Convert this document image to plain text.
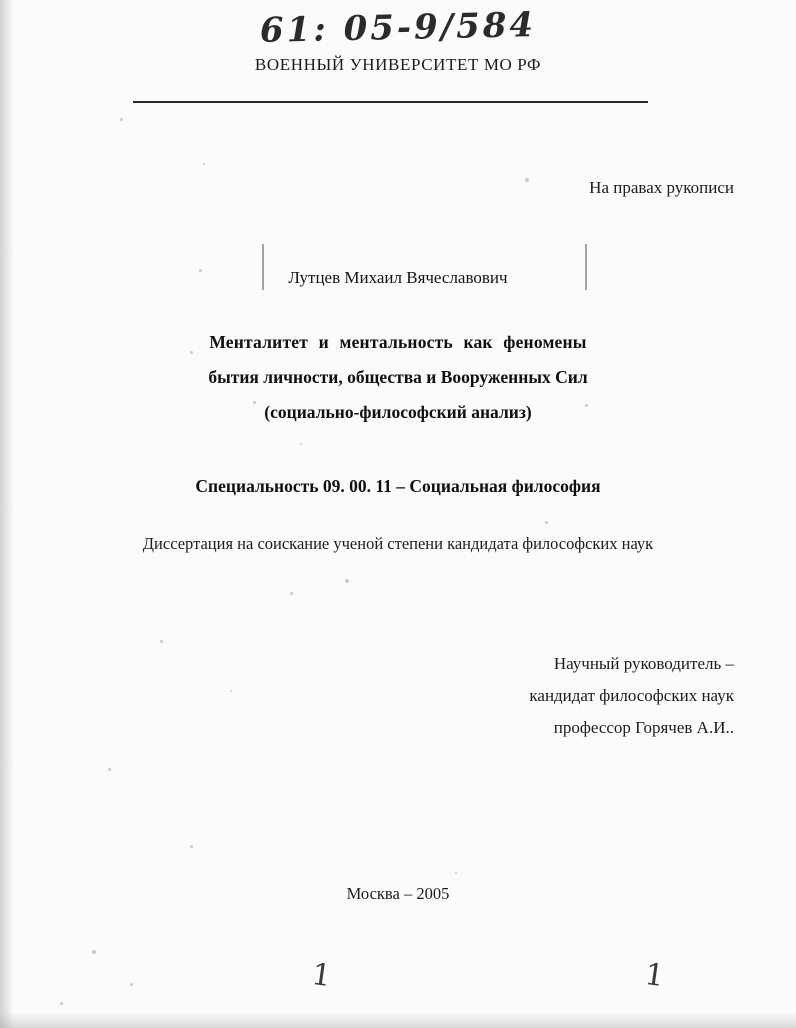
61: 05-9/584
ВОЕННЫЙ УНИВЕРСИТЕТ МО РФ
На правах рукописи
Лутцев Михаил Вячеславович
Менталитет и ментальность как феномены
бытия личности, общества и Вооруженных Сил
(социально-философский анализ)
Специальность 09. 00. 11 – Социальная философия
Диссертация на соискание ученой степени кандидата философских наук
Научный руководитель –
кандидат философских наук
профессор Горячев А.И..
Москва – 2005
1	1
